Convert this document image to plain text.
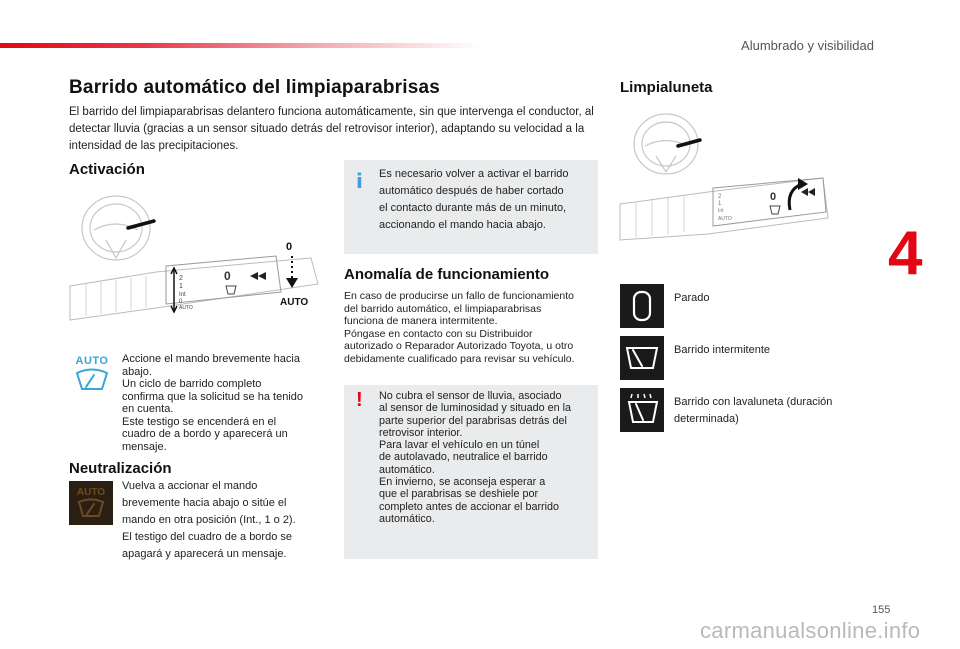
Alumbrado y visibilidad
4
Barrido automático del limpiaparabrisas
El barrido del limpiaparabrisas delantero funciona automáticamente, sin que intervenga el conductor, al detectar lluvia (gracias a un sensor situado detrás del retrovisor interior), adaptando su velocidad a la intensidad de las precipitaciones.
Activación
2
1
Int
0
AUTO
0
0
AUTO
AUTO Accione el mando brevemente hacia
abajo.
Un ciclo de barrido completo
confirma que la solicitud se ha tenido
en cuenta.
Este testigo se encenderá en el
cuadro de a bordo y aparecerá un
mensaje.
Neutralización
AUTO
Vuelva a accionar el mando
brevemente hacia abajo o sitúe el
mando en otra posición (Int., 1 o 2).
El testigo del cuadro de a bordo se
apagará y aparecerá un mensaje.
i Es necesario volver a activar el barrido
automático después de haber cortado
el contacto durante más de un minuto,
accionando el mando hacia abajo.
Anomalía de funcionamiento
En caso de producirse un fallo de funcionamiento
del barrido automático, el limpiaparabrisas
funciona de manera intermitente.
Póngase en contacto con su Distribuidor
autorizado o Reparador Autorizado Toyota, u otro
debidamente cualificado para revisar su vehículo.
! No cubra el sensor de lluvia, asociado
al sensor de luminosidad y situado en la
parte superior del parabrisas detrás del
retrovisor interior.
Para lavar el vehículo en un túnel
de autolavado, neutralice el barrido
automático.
En invierno, se aconseja esperar a
que el parabrisas se deshiele por
completo antes de accionar el barrido
automático.
Limpialuneta
2
1
Int
AUTO
0
Parado
Barrido intermitente
Barrido con lavaluneta (duración
determinada)
155
carmanualsonline.info
